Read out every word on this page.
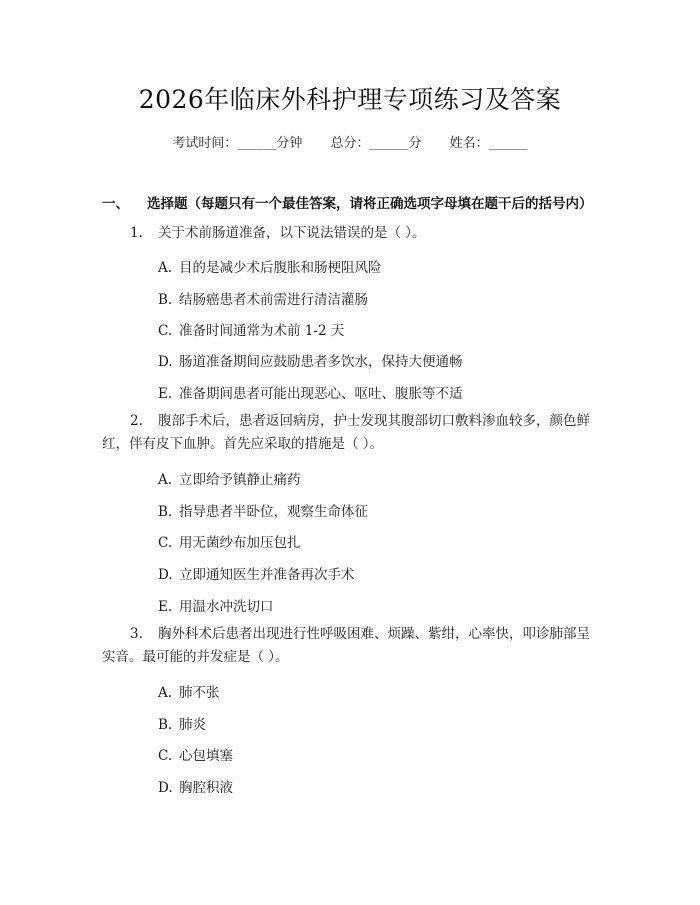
2026年临床外科护理专项练习及答案
考试时间：______分钟 总分：______分 姓名：______
一、 选择题（每题只有一个最佳答案，请将正确选项字母填在题干后的括号内）
1. 关于术前肠道准备，以下说法错误的是（ ）。
A. 目的是减少术后腹胀和肠梗阻风险
B. 结肠癌患者术前需进行清洁灌肠
C. 准备时间通常为术前 1-2 天
D. 肠道准备期间应鼓励患者多饮水，保持大便通畅
E. 准备期间患者可能出现恶心、呕吐、腹胀等不适
2. 腹部手术后，患者返回病房，护士发现其腹部切口敷料渗血较多，颜色鲜红，伴有皮下血肿。首先应采取的措施是（ ）。
A. 立即给予镇静止痛药
B. 指导患者半卧位，观察生命体征
C. 用无菌纱布加压包扎
D. 立即通知医生并准备再次手术
E. 用温水冲洗切口
3. 胸外科术后患者出现进行性呼吸困难、烦躁、紫绀，心率快，叩诊肺部呈实音。最可能的并发症是（ ）。
A. 肺不张
B. 肺炎
C. 心包填塞
D. 胸腔积液
